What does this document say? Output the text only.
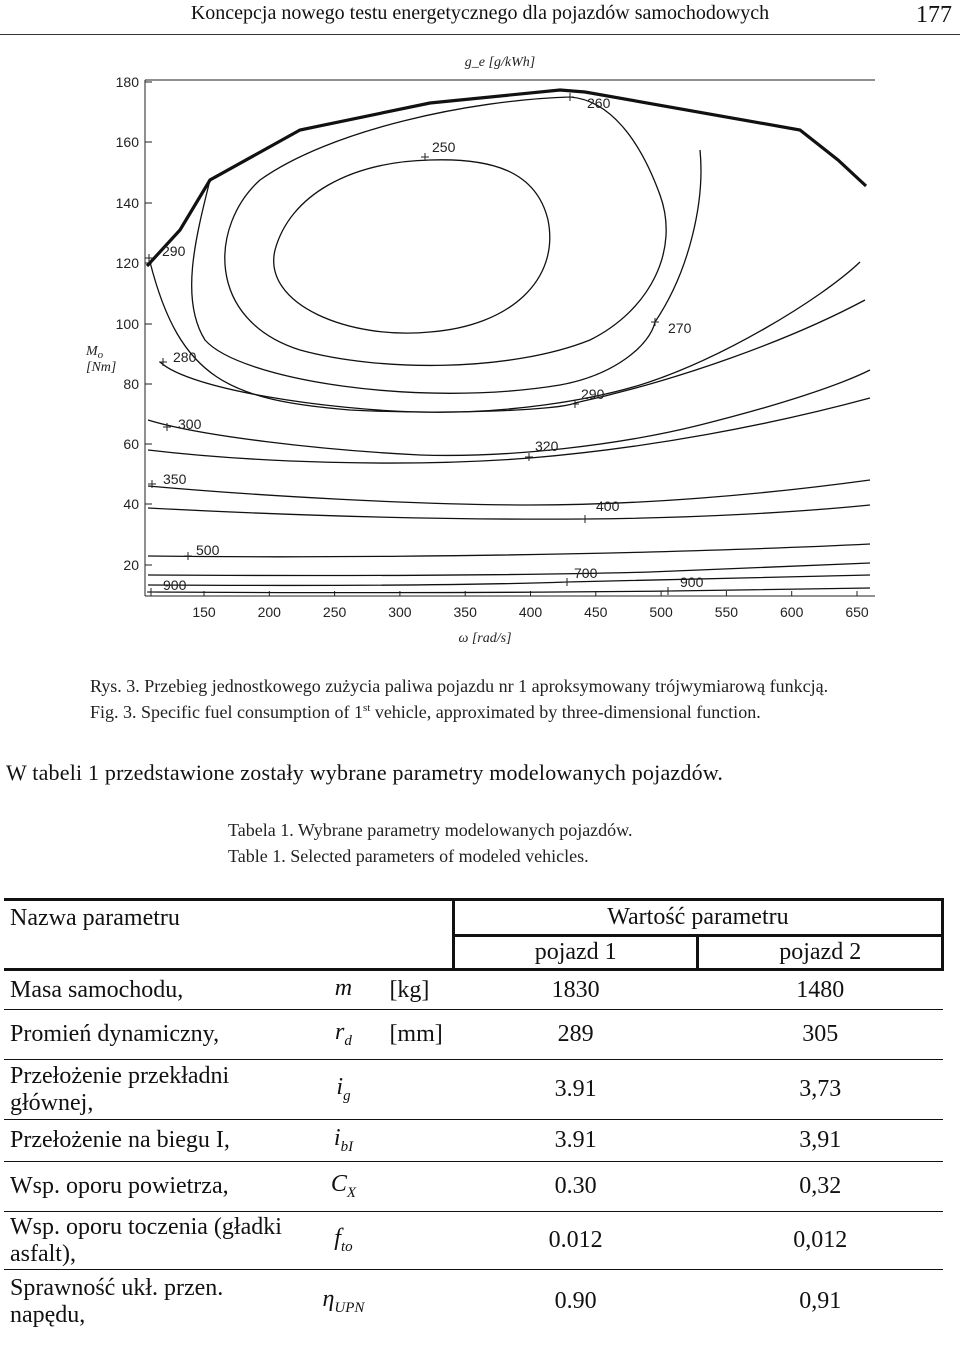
Koncepcja nowego testu energetycznego dla pojazdów samochodowych	177
180
160
140
120
100
80
60
40
20
150	200	250	300	350	400	450	500	550	600	650
g_e [g/kWh]
$M_o$
[Nm]
ω [rad/s]
260
250
290
270
280
290
300
320
350
400
500
700
900	900
Rys. 3. Przebieg jednostkowego zużycia paliwa pojazdu nr 1 aproksymowany trójwymiarową funkcją.
Fig. 3. Specific fuel consumption of 1st vehicle, approximated by three-dimensional function.
W tabeli 1 przedstawione zostały wybrane parametry modelowanych pojazdów.
Tabela 1. Wybrane parametry modelowanych pojazdów.
Table 1. Selected parameters of modeled vehicles.
Nazwa parametru			Wartość parametru	
			pojazd 1	pojazd 2
Masa samochodu,	m	[kg]	1830	1480
Promień dynamiczny,	$r_d$	[mm]	289	305
Przełożenie przekładni głównej,	$i_g$		3.91	3,73
Przełożenie na biegu I,	$i_{bI}$		3.91	3,91
Wsp. oporu powietrza,	$C_X$		0.30	0,32
Wsp. oporu toczenia (gładki asfalt),	$f_{to}$		0.012	0,012
Sprawność ukł. przen. napędu,	$\eta_{UPN}$		0.90	0,91
